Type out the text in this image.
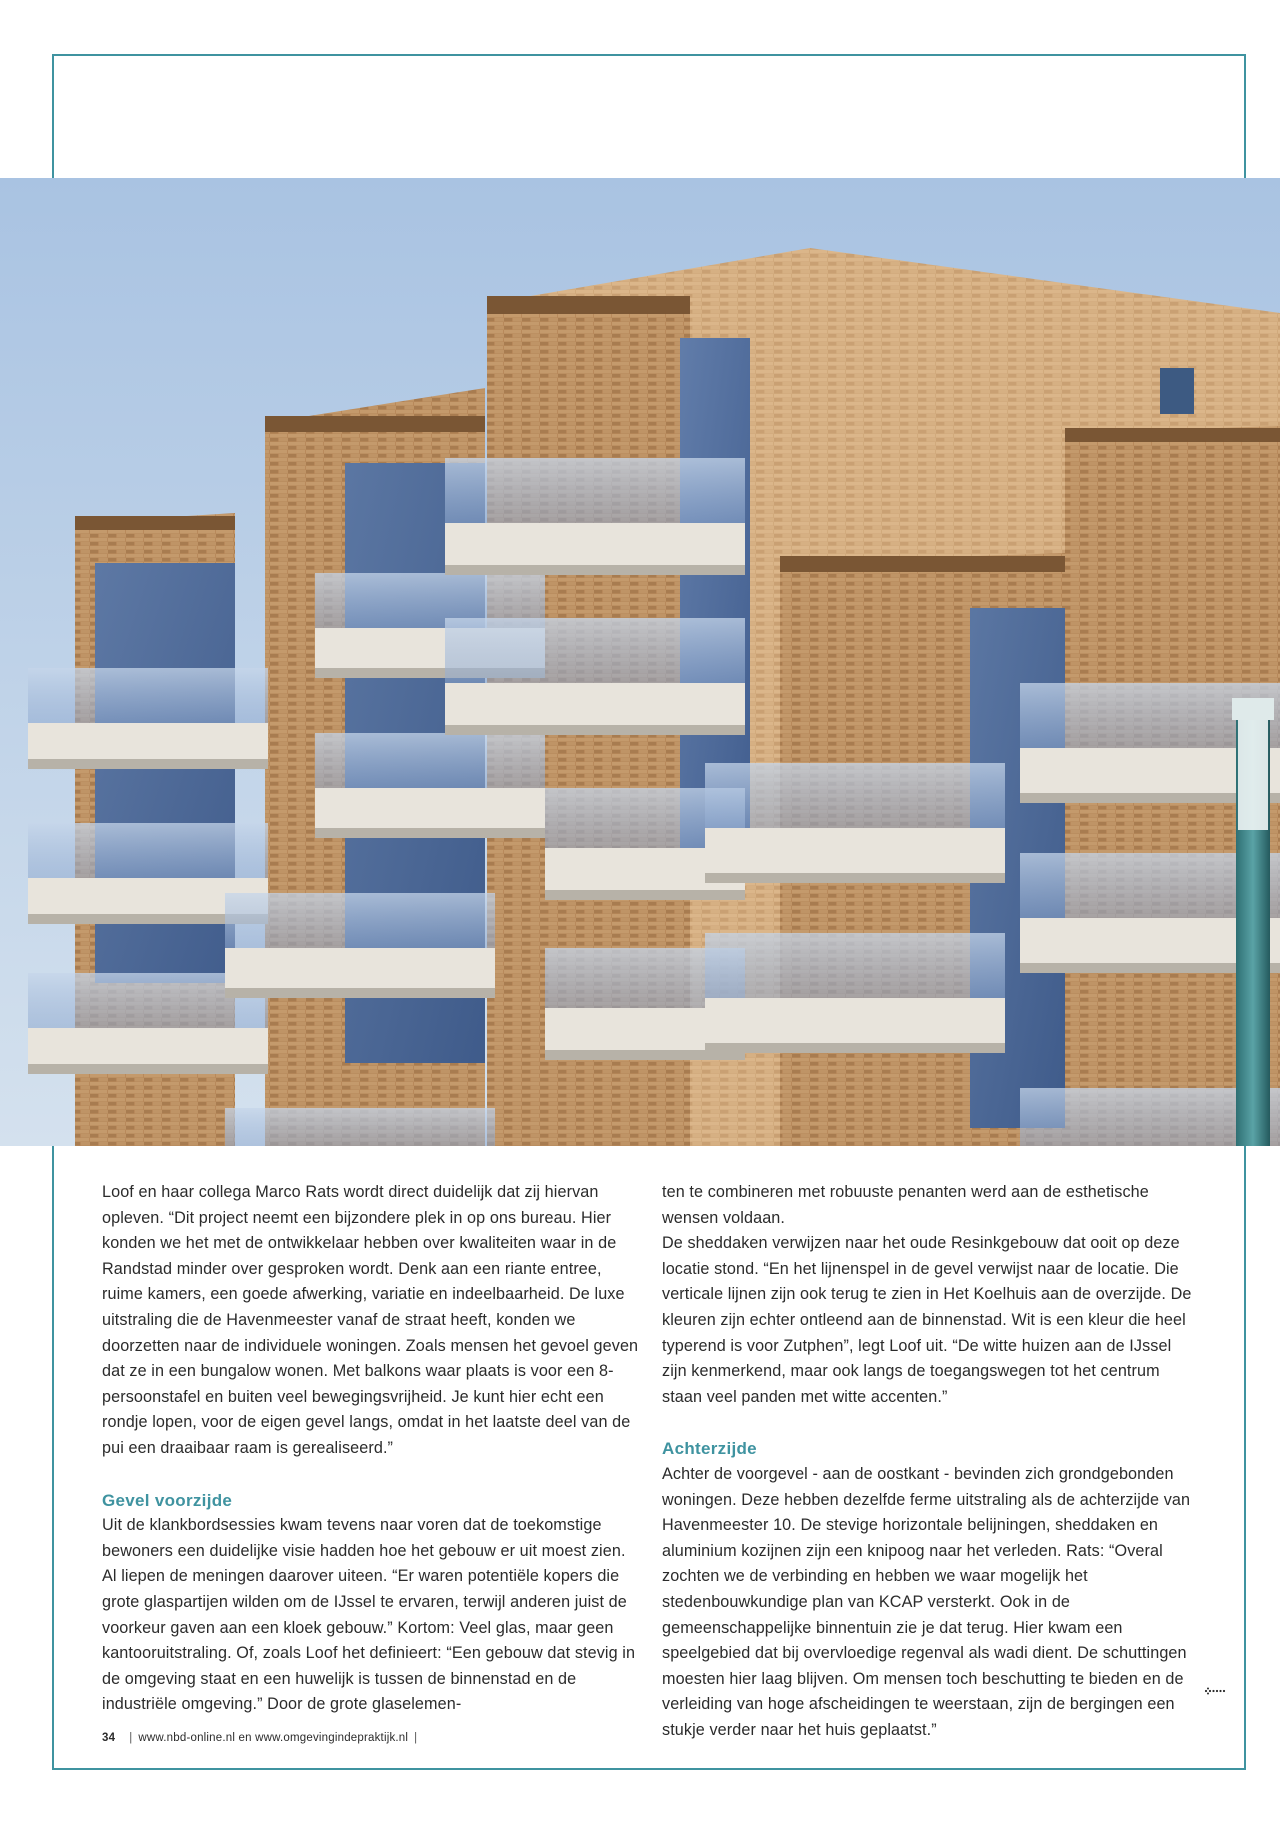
Loof en haar collega Marco Rats wordt direct duidelijk dat zij hiervan opleven. “Dit project neemt een bijzondere plek in op ons bureau. Hier konden we het met de ontwikkelaar hebben over kwaliteiten waar in de Randstad minder over gesproken wordt. Denk aan een riante entree, ruime kamers, een goede afwerking, variatie en indeelbaarheid. De luxe uitstraling die de Havenmeester vanaf de straat heeft, konden we doorzetten naar de individuele woningen. Zoals mensen het gevoel geven dat ze in een bungalow wonen. Met balkons waar plaats is voor een 8-persoonstafel en buiten veel bewegingsvrijheid. Je kunt hier echt een rondje lopen, voor de eigen gevel langs, omdat in het laatste deel van de pui een draaibaar raam is gerealiseerd.”

Gevel voorzijde

Uit de klankbordsessies kwam tevens naar voren dat de toekomstige bewoners een duidelijke visie hadden hoe het gebouw er uit moest zien. Al liepen de meningen daarover uiteen. “Er waren potentiële kopers die grote glaspartijen wilden om de IJssel te ervaren, terwijl anderen juist de voorkeur gaven aan een kloek gebouw.” Kortom: Veel glas, maar geen kantooruitstraling. Of, zoals Loof het definieert: “Een gebouw dat stevig in de omgeving staat en een huwelijk is tussen de binnenstad en de industriële omgeving.” Door de grote glaselemen-

ten te combineren met robuuste penanten werd aan de esthetische wensen voldaan.

De sheddaken verwijzen naar het oude Resinkgebouw dat ooit op deze locatie stond. “En het lijnenspel in de gevel verwijst naar de locatie. Die verticale lijnen zijn ook terug te zien in Het Koelhuis aan de overzijde. De kleuren zijn echter ontleend aan de binnenstad. Wit is een kleur die heel typerend is voor Zutphen”, legt Loof uit. “De witte huizen aan de IJssel zijn kenmerkend, maar ook langs de toegangswegen tot het centrum staan veel panden met witte accenten.”

Achterzijde

Achter de voorgevel - aan de oostkant - bevinden zich grondgebonden woningen. Deze hebben dezelfde ferme uitstraling als de achterzijde van Havenmeester 10. De stevige horizontale belijningen, sheddaken en aluminium kozijnen zijn een knipoog naar het verleden. Rats: “Overal zochten we de verbinding en hebben we waar mogelijk het stedenbouwkundige plan van KCAP versterkt. Ook in de gemeenschappelijke binnentuin zie je dat terug. Hier kwam een speelgebied dat bij overvloedige regenval als wadi dient. De schuttingen moesten hier laag blijven. Om mensen toch beschutting te bieden en de verleiding van hoge afscheidingen te weerstaan, zijn de bergingen een stukje verder naar het huis geplaatst.”

34 | www.nbd-online.nl en www.omgevingindepraktijk.nl |
